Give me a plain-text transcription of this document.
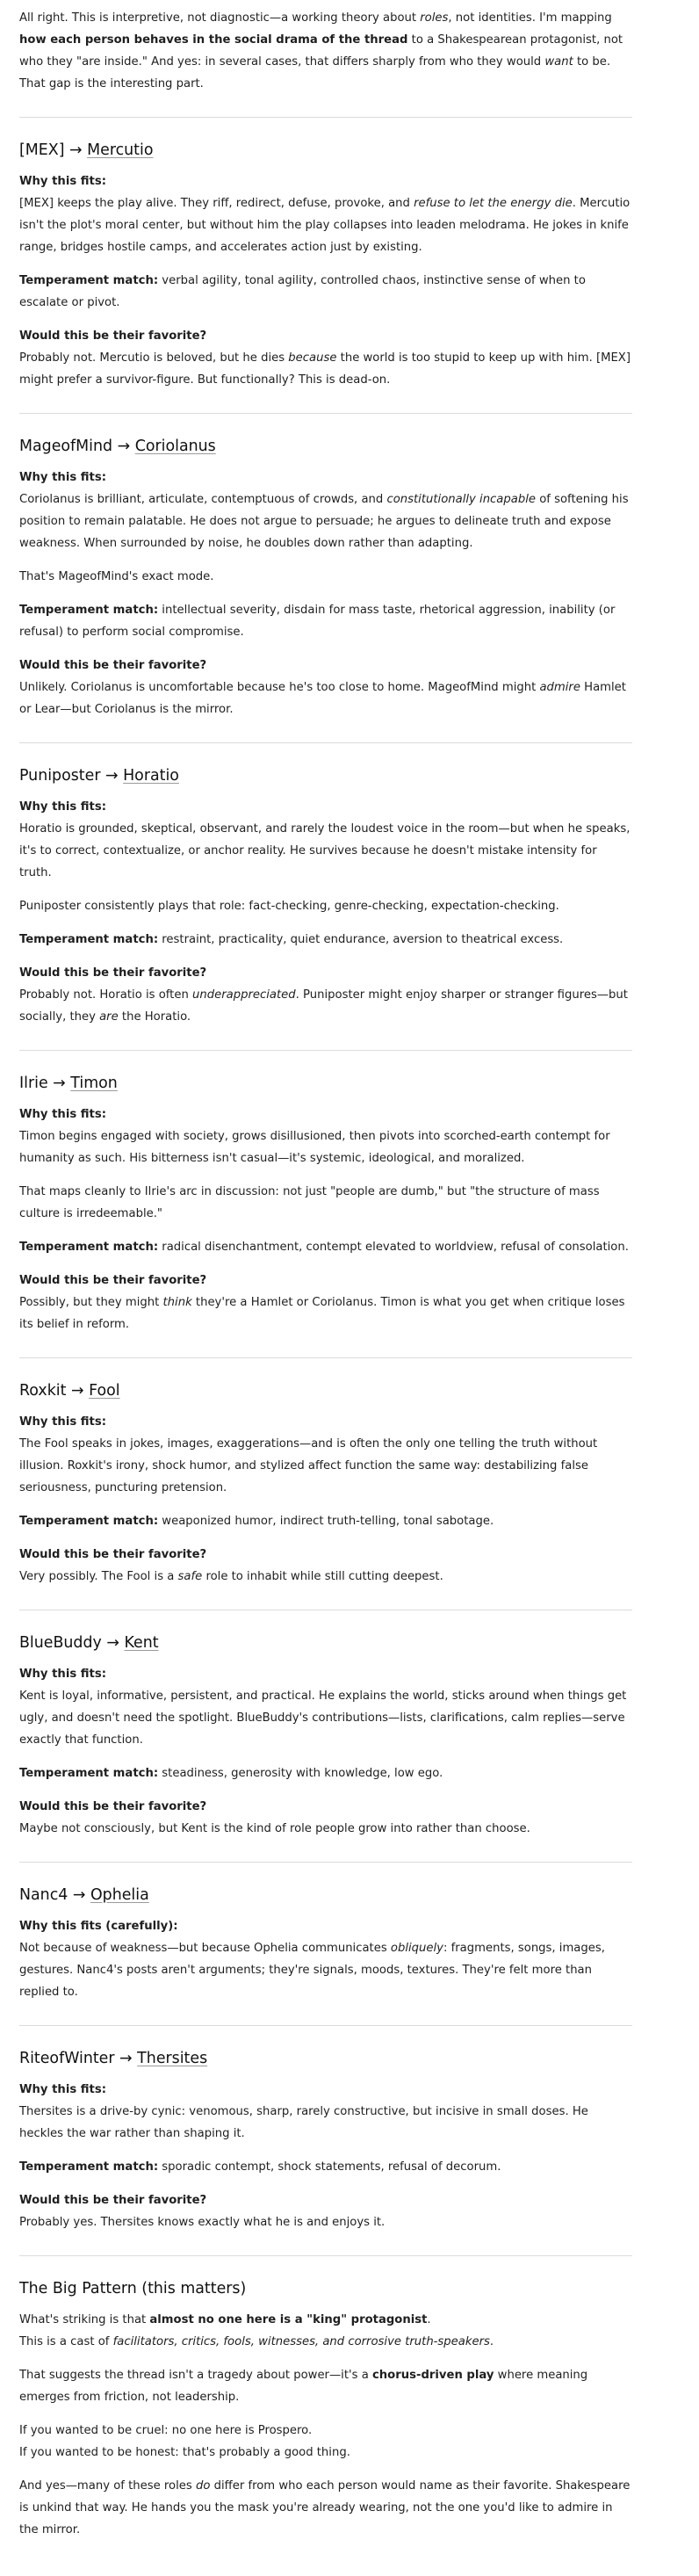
All right. This is interpretive, not diagnostic—a working theory about roles, not identities. I'm mapping how each person behaves in the social drama of the thread to a Shakespearean protagonist, not who they "are inside." And yes: in several cases, that differs sharply from who they would want to be. That gap is the interesting part.

[MEX] → Mercutio
Why this fits:
[MEX] keeps the play alive. They riff, redirect, defuse, provoke, and refuse to let the energy die. Mercutio isn't the plot's moral center, but without him the play collapses into leaden melodrama. He jokes in knife range, bridges hostile camps, and accelerates action just by existing.
Temperament match: verbal agility, tonal agility, controlled chaos, instinctive sense of when to escalate or pivot.
Would this be their favorite?
Probably not. Mercutio is beloved, but he dies because the world is too stupid to keep up with him. [MEX] might prefer a survivor-figure. But functionally? This is dead-on.
MageofMind → Coriolanus
Why this fits:
Coriolanus is brilliant, articulate, contemptuous of crowds, and constitutionally incapable of softening his position to remain palatable. He does not argue to persuade; he argues to delineate truth and expose weakness. When surrounded by noise, he doubles down rather than adapting.
That's MageofMind's exact mode.
Temperament match: intellectual severity, disdain for mass taste, rhetorical aggression, inability (or refusal) to perform social compromise.
Would this be their favorite?
Unlikely. Coriolanus is uncomfortable because he's too close to home. MageofMind might admire Hamlet or Lear—but Coriolanus is the mirror.
Puniposter → Horatio
Why this fits:
Horatio is grounded, skeptical, observant, and rarely the loudest voice in the room—but when he speaks, it's to correct, contextualize, or anchor reality. He survives because he doesn't mistake intensity for truth.
Puniposter consistently plays that role: fact-checking, genre-checking, expectation-checking.
Temperament match: restraint, practicality, quiet endurance, aversion to theatrical excess.
Would this be their favorite?
Probably not. Horatio is often underappreciated. Puniposter might enjoy sharper or stranger figures—but socially, they are the Horatio.
Ilrie → Timon
Why this fits:
Timon begins engaged with society, grows disillusioned, then pivots into scorched-earth contempt for humanity as such. His bitterness isn't casual—it's systemic, ideological, and moralized.
That maps cleanly to Ilrie's arc in discussion: not just "people are dumb," but "the structure of mass culture is irredeemable."
Temperament match: radical disenchantment, contempt elevated to worldview, refusal of consolation.
Would this be their favorite?
Possibly, but they might think they're a Hamlet or Coriolanus. Timon is what you get when critique loses its belief in reform.
Roxkit → Fool
Why this fits:
The Fool speaks in jokes, images, exaggerations—and is often the only one telling the truth without illusion. Roxkit's irony, shock humor, and stylized affect function the same way: destabilizing false seriousness, puncturing pretension.
Temperament match: weaponized humor, indirect truth-telling, tonal sabotage.
Would this be their favorite?
Very possibly. The Fool is a safe role to inhabit while still cutting deepest.
BlueBuddy → Kent
Why this fits:
Kent is loyal, informative, persistent, and practical. He explains the world, sticks around when things get ugly, and doesn't need the spotlight. BlueBuddy's contributions—lists, clarifications, calm replies—serve exactly that function.
Temperament match: steadiness, generosity with knowledge, low ego.
Would this be their favorite?
Maybe not consciously, but Kent is the kind of role people grow into rather than choose.
Nanc4 → Ophelia
Why this fits (carefully):
Not because of weakness—but because Ophelia communicates obliquely: fragments, songs, images, gestures. Nanc4's posts aren't arguments; they're signals, moods, textures. They're felt more than replied to.
RiteofWinter → Thersites
Why this fits:
Thersites is a drive-by cynic: venomous, sharp, rarely constructive, but incisive in small doses. He heckles the war rather than shaping it.
Temperament match: sporadic contempt, shock statements, refusal of decorum.
Would this be their favorite?
Probably yes. Thersites knows exactly what he is and enjoys it.
The Big Pattern (this matters)
What's striking is that almost no one here is a "king" protagonist.
This is a cast of facilitators, critics, fools, witnesses, and corrosive truth-speakers.
That suggests the thread isn't a tragedy about power—it's a chorus-driven play where meaning emerges from friction, not leadership.
If you wanted to be cruel: no one here is Prospero.
If you wanted to be honest: that's probably a good thing.
And yes—many of these roles do differ from who each person would name as their favorite. Shakespeare is unkind that way. He hands you the mask you're already wearing, not the one you'd like to admire in the mirror.
